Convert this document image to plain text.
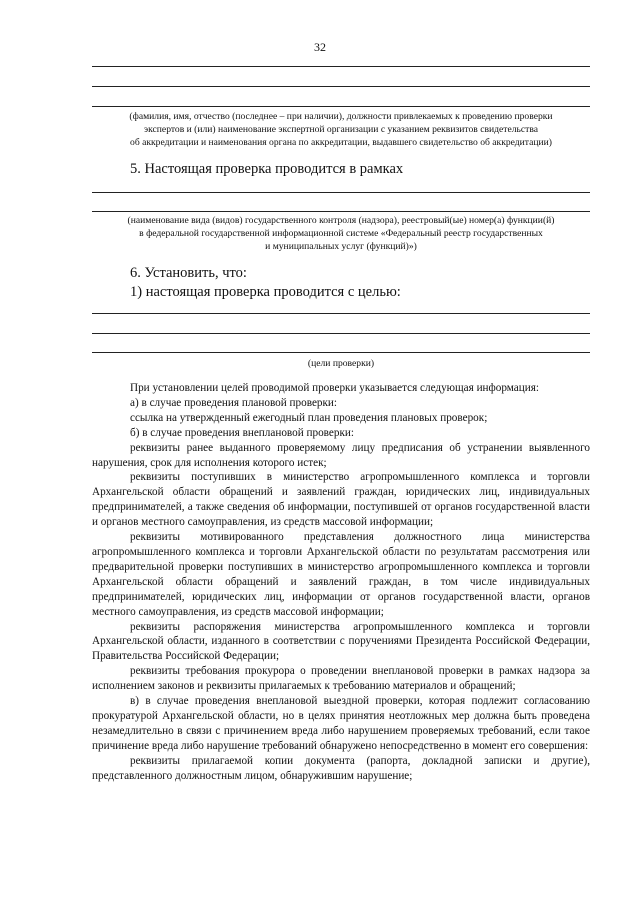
32
(фамилия, имя, отчество (последнее – при наличии), должности привлекаемых к проведению проверки
экспертов и (или) наименование экспертной организации с указанием реквизитов свидетельства
об аккредитации и наименования органа по аккредитации, выдавшего свидетельство об аккредитации)
5. Настоящая проверка проводится в рамках
(наименование вида (видов) государственного контроля (надзора), реестровый(ые) номер(а) функции(й)
в федеральной государственной информационной системе «Федеральный реестр государственных
и муниципальных услуг (функций)»)
6. Установить, что:
1) настоящая проверка проводится с целью:
(цели проверки)

При установлении целей проводимой проверки указывается следующая информация:

а) в случае проведения плановой проверки:

ссылка на утвержденный ежегодный план проведения плановых проверок;

б) в случае проведения внеплановой проверки:

реквизиты ранее выданного проверяемому лицу предписания об устранении выявленного нарушения, срок для исполнения которого истек;

реквизиты поступивших в министерство агропромышленного комплекса и торговли Архангельской области обращений и заявлений граждан, юридических лиц, индивидуальных предпринимателей, а также сведения об информации, поступившей от органов государственной власти и органов местного самоуправления, из средств массовой информации;

реквизиты мотивированного представления должностного лица министерства агропромышленного комплекса и торговли Архангельской области по результатам рассмотрения или предварительной проверки поступивших в министерство агропромышленного комплекса и торговли Архангельской области обращений и заявлений граждан, в том числе индивидуальных предпринимателей, юридических лиц, информации от органов государственной власти, органов местного самоуправления, из средств массовой информации;

реквизиты распоряжения министерства агропромышленного комплекса и торговли Архангельской области, изданного в соответствии с поручениями Президента Российской Федерации, Правительства Российской Федерации;

реквизиты требования прокурора о проведении внеплановой проверки в рамках надзора за исполнением законов и реквизиты прилагаемых к требованию материалов и обращений;

в) в случае проведения внеплановой выездной проверки, которая подлежит согласованию прокуратурой Архангельской области, но в целях принятия неотложных мер должна быть проведена незамедлительно в связи с причинением вреда либо нарушением проверяемых требований, если такое причинение вреда либо нарушение требований обнаружено непосредственно в момент его совершения:

реквизиты прилагаемой копии документа (рапорта, докладной записки и другие), представленного должностным лицом, обнаружившим нарушение;
